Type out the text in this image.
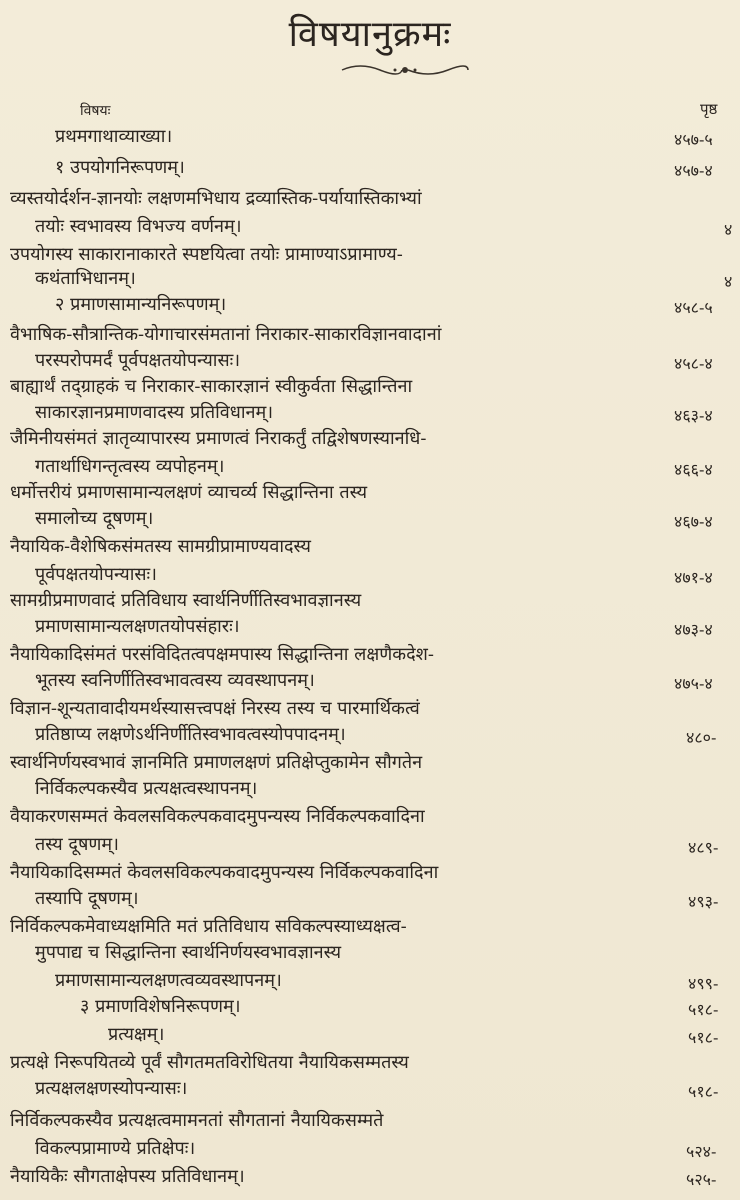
विषयानुक्रमः
विषयः	पृष्ठ
प्रथमगाथाव्याख्या।	४५७-५
१ उपयोगनिरूपणम्।	४५७-४
व्यस्तयोर्दर्शन-ज्ञानयोः लक्षणमभिधाय द्रव्यास्तिक-पर्यायास्तिकाभ्यां
तयोः स्वभावस्य विभज्य वर्णनम्।	४
उपयोगस्य साकारानाकारते स्पष्टयित्वा तयोः प्रामाण्याऽप्रामाण्य-
कथंताभिधानम्।	४
२ प्रमाणसामान्यनिरूपणम्।	४५८-५
वैभाषिक-सौत्रान्तिक-योगाचारसंमतानां निराकार-साकारविज्ञानवादानां
परस्परोपमर्दं पूर्वपक्षतयोपन्यासः।	४५८-४
बाह्यार्थं तद्ग्राहकं च निराकार-साकारज्ञानं स्वीकुर्वता सिद्धान्तिना
साकारज्ञानप्रमाणवादस्य प्रतिविधानम्।	४६३-४
जैमिनीयसंमतं ज्ञातृव्यापारस्य प्रमाणत्वं निराकर्तुं तद्विशेषणस्यानधि-
गतार्थाधिगन्तृत्वस्य व्यपोहनम्।	४६६-४
धर्मोत्तरीयं प्रमाणसामान्यलक्षणं व्याचर्व्य सिद्धान्तिना तस्य
समालोच्य दूषणम्।	४६७-४
नैयायिक-वैशेषिकसंमतस्य सामग्रीप्रामाण्यवादस्य
पूर्वपक्षतयोपन्यासः।	४७१-४
सामग्रीप्रमाणवादं प्रतिविधाय स्वार्थनिर्णीतिस्वभावज्ञानस्य
प्रमाणसामान्यलक्षणतयोपसंहारः।	४७३-४
नैयायिकादिसंमतं परसंविदितत्वपक्षमपास्य सिद्धान्तिना लक्षणैकदेश-
भूतस्य स्वनिर्णीतिस्वभावत्वस्य व्यवस्थापनम्।	४७५-४
विज्ञान-शून्यतावादीयमर्थस्यासत्त्वपक्षं निरस्य तस्य च पारमार्थिकत्वं
प्रतिष्ठाप्य लक्षणेऽर्थनिर्णीतिस्वभावत्वस्योपपादनम्।	४८०-
स्वार्थनिर्णयस्वभावं ज्ञानमिति प्रमाणलक्षणं प्रतिक्षेप्तुकामेन सौगतेन
निर्विकल्पकस्यैव प्रत्यक्षत्वस्थापनम्।
वैयाकरणसम्मतं केवलसविकल्पकवादमुपन्यस्य निर्विकल्पकवादिना
तस्य दूषणम्।	४८९-
नैयायिकादिसम्मतं केवलसविकल्पकवादमुपन्यस्य निर्विकल्पकवादिना
तस्यापि दूषणम्।	४९३-
निर्विकल्पकमेवाध्यक्षमिति मतं प्रतिविधाय सविकल्पस्याध्यक्षत्व-
मुपपाद्य च सिद्धान्तिना स्वार्थनिर्णयस्वभावज्ञानस्य
प्रमाणसामान्यलक्षणत्वव्यवस्थापनम्।	४९९-
३ प्रमाणविशेषनिरूपणम्।	५१८-
प्रत्यक्षम्।	५१८-
प्रत्यक्षे निरूपयितव्ये पूर्वं सौगतमतविरोधितया नैयायिकसम्मतस्य
प्रत्यक्षलक्षणस्योपन्यासः।	५१८-
निर्विकल्पकस्यैव प्रत्यक्षत्वमामनतां सौगतानां नैयायिकसम्मते
विकल्पप्रामाण्ये प्रतिक्षेपः।	५२४-
नैयायिकैः सौगताक्षेपस्य प्रतिविधानम्।	५२५-
